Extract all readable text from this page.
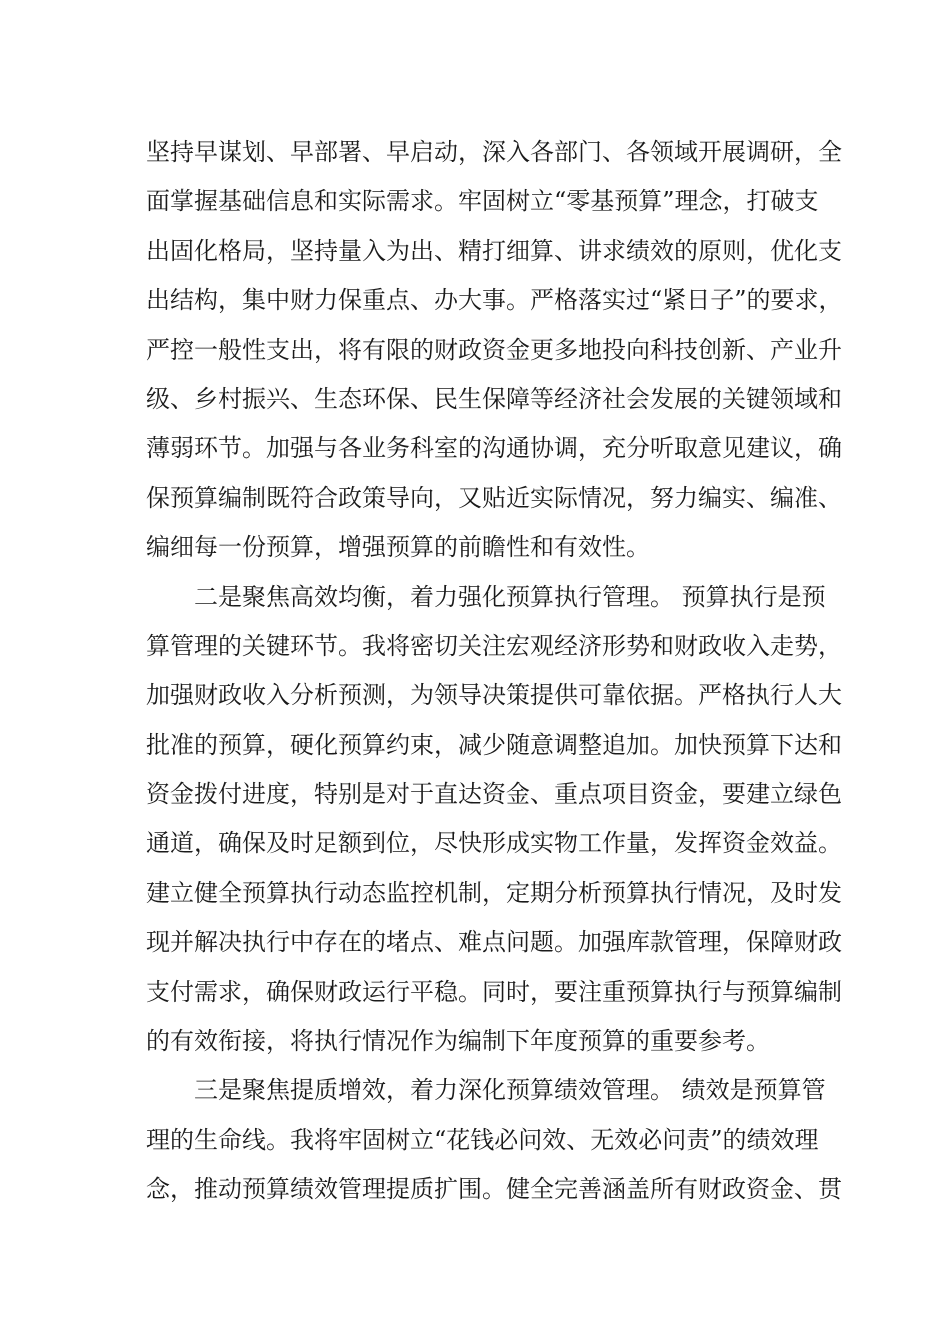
坚持早谋划、早部署、早启动，深入各部门、各领域开展调研，全
面掌握基础信息和实际需求。牢固树立“零基预算”理念，打破支
出固化格局，坚持量入为出、精打细算、讲求绩效的原则，优化支
出结构，集中财力保重点、办大事。严格落实过“紧日子”的要求，
严控一般性支出，将有限的财政资金更多地投向科技创新、产业升
级、乡村振兴、生态环保、民生保障等经济社会发展的关键领域和
薄弱环节。加强与各业务科室的沟通协调，充分听取意见建议，确
保预算编制既符合政策导向，又贴近实际情况，努力编实、编准、
编细每一份预算，增强预算的前瞻性和有效性。
　　二是聚焦高效均衡，着力强化预算执行管理。 预算执行是预
算管理的关键环节。我将密切关注宏观经济形势和财政收入走势，
加强财政收入分析预测，为领导决策提供可靠依据。严格执行人大
批准的预算，硬化预算约束，减少随意调整追加。加快预算下达和
资金拨付进度，特别是对于直达资金、重点项目资金，要建立绿色
通道，确保及时足额到位，尽快形成实物工作量，发挥资金效益。
建立健全预算执行动态监控机制，定期分析预算执行情况，及时发
现并解决执行中存在的堵点、难点问题。加强库款管理，保障财政
支付需求，确保财政运行平稳。同时，要注重预算执行与预算编制
的有效衔接，将执行情况作为编制下年度预算的重要参考。
　　三是聚焦提质增效，着力深化预算绩效管理。 绩效是预算管
理的生命线。我将牢固树立“花钱必问效、无效必问责”的绩效理
念，推动预算绩效管理提质扩围。健全完善涵盖所有财政资金、贯
